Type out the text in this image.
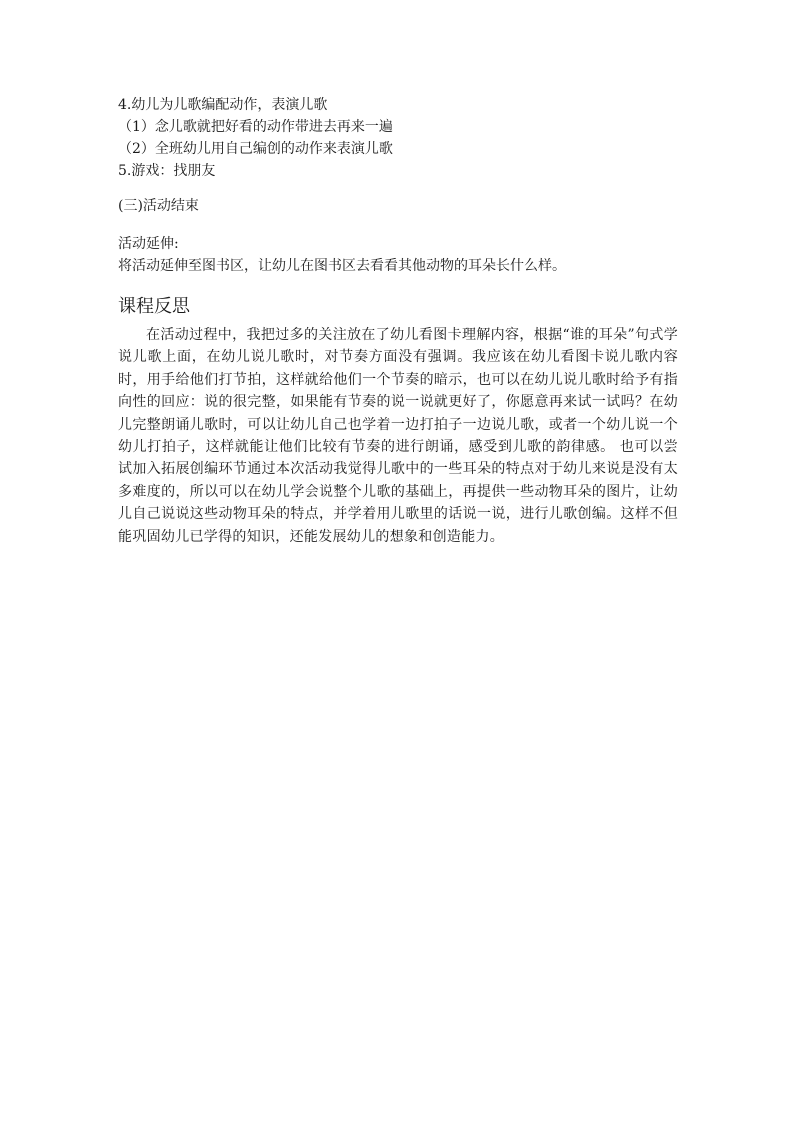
4.幼儿为儿歌编配动作，表演儿歌

（1）念儿歌就把好看的动作带进去再来一遍

（2）全班幼儿用自己编创的动作来表演儿歌

5.游戏：找朋友

(三)活动结束

活动延伸:

将活动延伸至图书区，让幼儿在图书区去看看其他动物的耳朵长什么样。

课程反思

在活动过程中，我把过多的关注放在了幼儿看图卡理解内容，根据“谁的耳朵”句式学说儿歌上面，在幼儿说儿歌时，对节奏方面没有强调。我应该在幼儿看图卡说儿歌内容时，用手给他们打节拍，这样就给他们一个节奏的暗示，也可以在幼儿说儿歌时给予有指向性的回应：说的很完整，如果能有节奏的说一说就更好了，你愿意再来试一试吗？在幼儿完整朗诵儿歌时，可以让幼儿自己也学着一边打拍子一边说儿歌，或者一个幼儿说一个幼儿打拍子，这样就能让他们比较有节奏的进行朗诵，感受到儿歌的韵律感。 也可以尝试加入拓展创编环节通过本次活动我觉得儿歌中的一些耳朵的特点对于幼儿来说是没有太多难度的，所以可以在幼儿学会说整个儿歌的基础上，再提供一些动物耳朵的图片，让幼儿自己说说这些动物耳朵的特点，并学着用儿歌里的话说一说，进行儿歌创编。这样不但能巩固幼儿已学得的知识，还能发展幼儿的想象和创造能力。
